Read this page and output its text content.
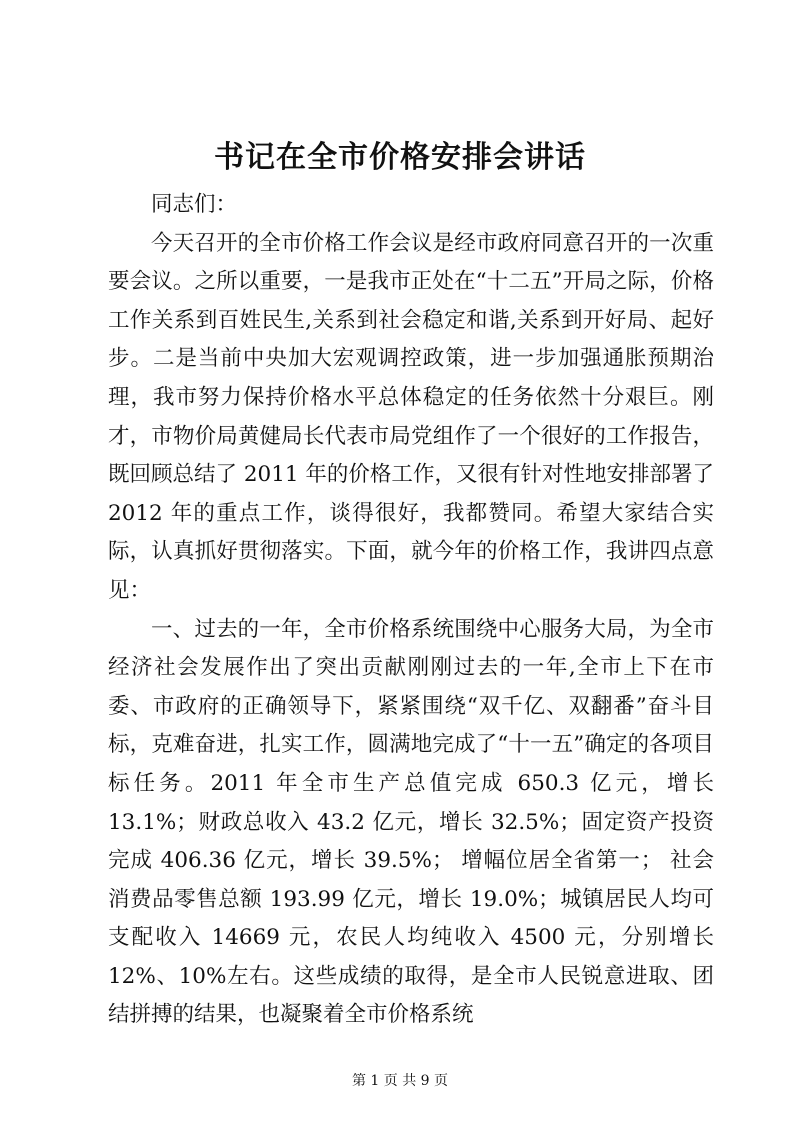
书记在全市价格安排会讲话

同志们：

今天召开的全市价格工作会议是经市政府同意召开的一次重要会议。之所以重要，一是我市正处在“十二五”开局之际，价格工作关系到百姓民生,关系到社会稳定和谐,关系到开好局、起好步。二是当前中央加大宏观调控政策，进一步加强通胀预期治理，我市努力保持价格水平总体稳定的任务依然十分艰巨。刚才，市物价局黄健局长代表市局党组作了一个很好的工作报告，既回顾总结了 2011 年的价格工作，又很有针对性地安排部署了 2012 年的重点工作，谈得很好，我都赞同。希望大家结合实际，认真抓好贯彻落实。下面，就今年的价格工作，我讲四点意见：

一、过去的一年，全市价格系统围绕中心服务大局，为全市经济社会发展作出了突出贡献刚刚过去的一年,全市上下在市委、市政府的正确领导下，紧紧围绕“双千亿、双翻番”奋斗目标，克难奋进，扎实工作，圆满地完成了“十一五”确定的各项目标任务。2011 年全市生产总值完成 650.3 亿元，增长 13.1%；财政总收入 43.2 亿元，增长 32.5%；固定资产投资完成 406.36 亿元，增长 39.5%； 增幅位居全省第一； 社会消费品零售总额 193.99 亿元，增长 19.0%；城镇居民人均可支配收入 14669 元，农民人均纯收入 4500 元，分别增长 12%、10%左右。这些成绩的取得，是全市人民锐意进取、团结拼搏的结果，也凝聚着全市价格系统

第 1 页 共 9 页
